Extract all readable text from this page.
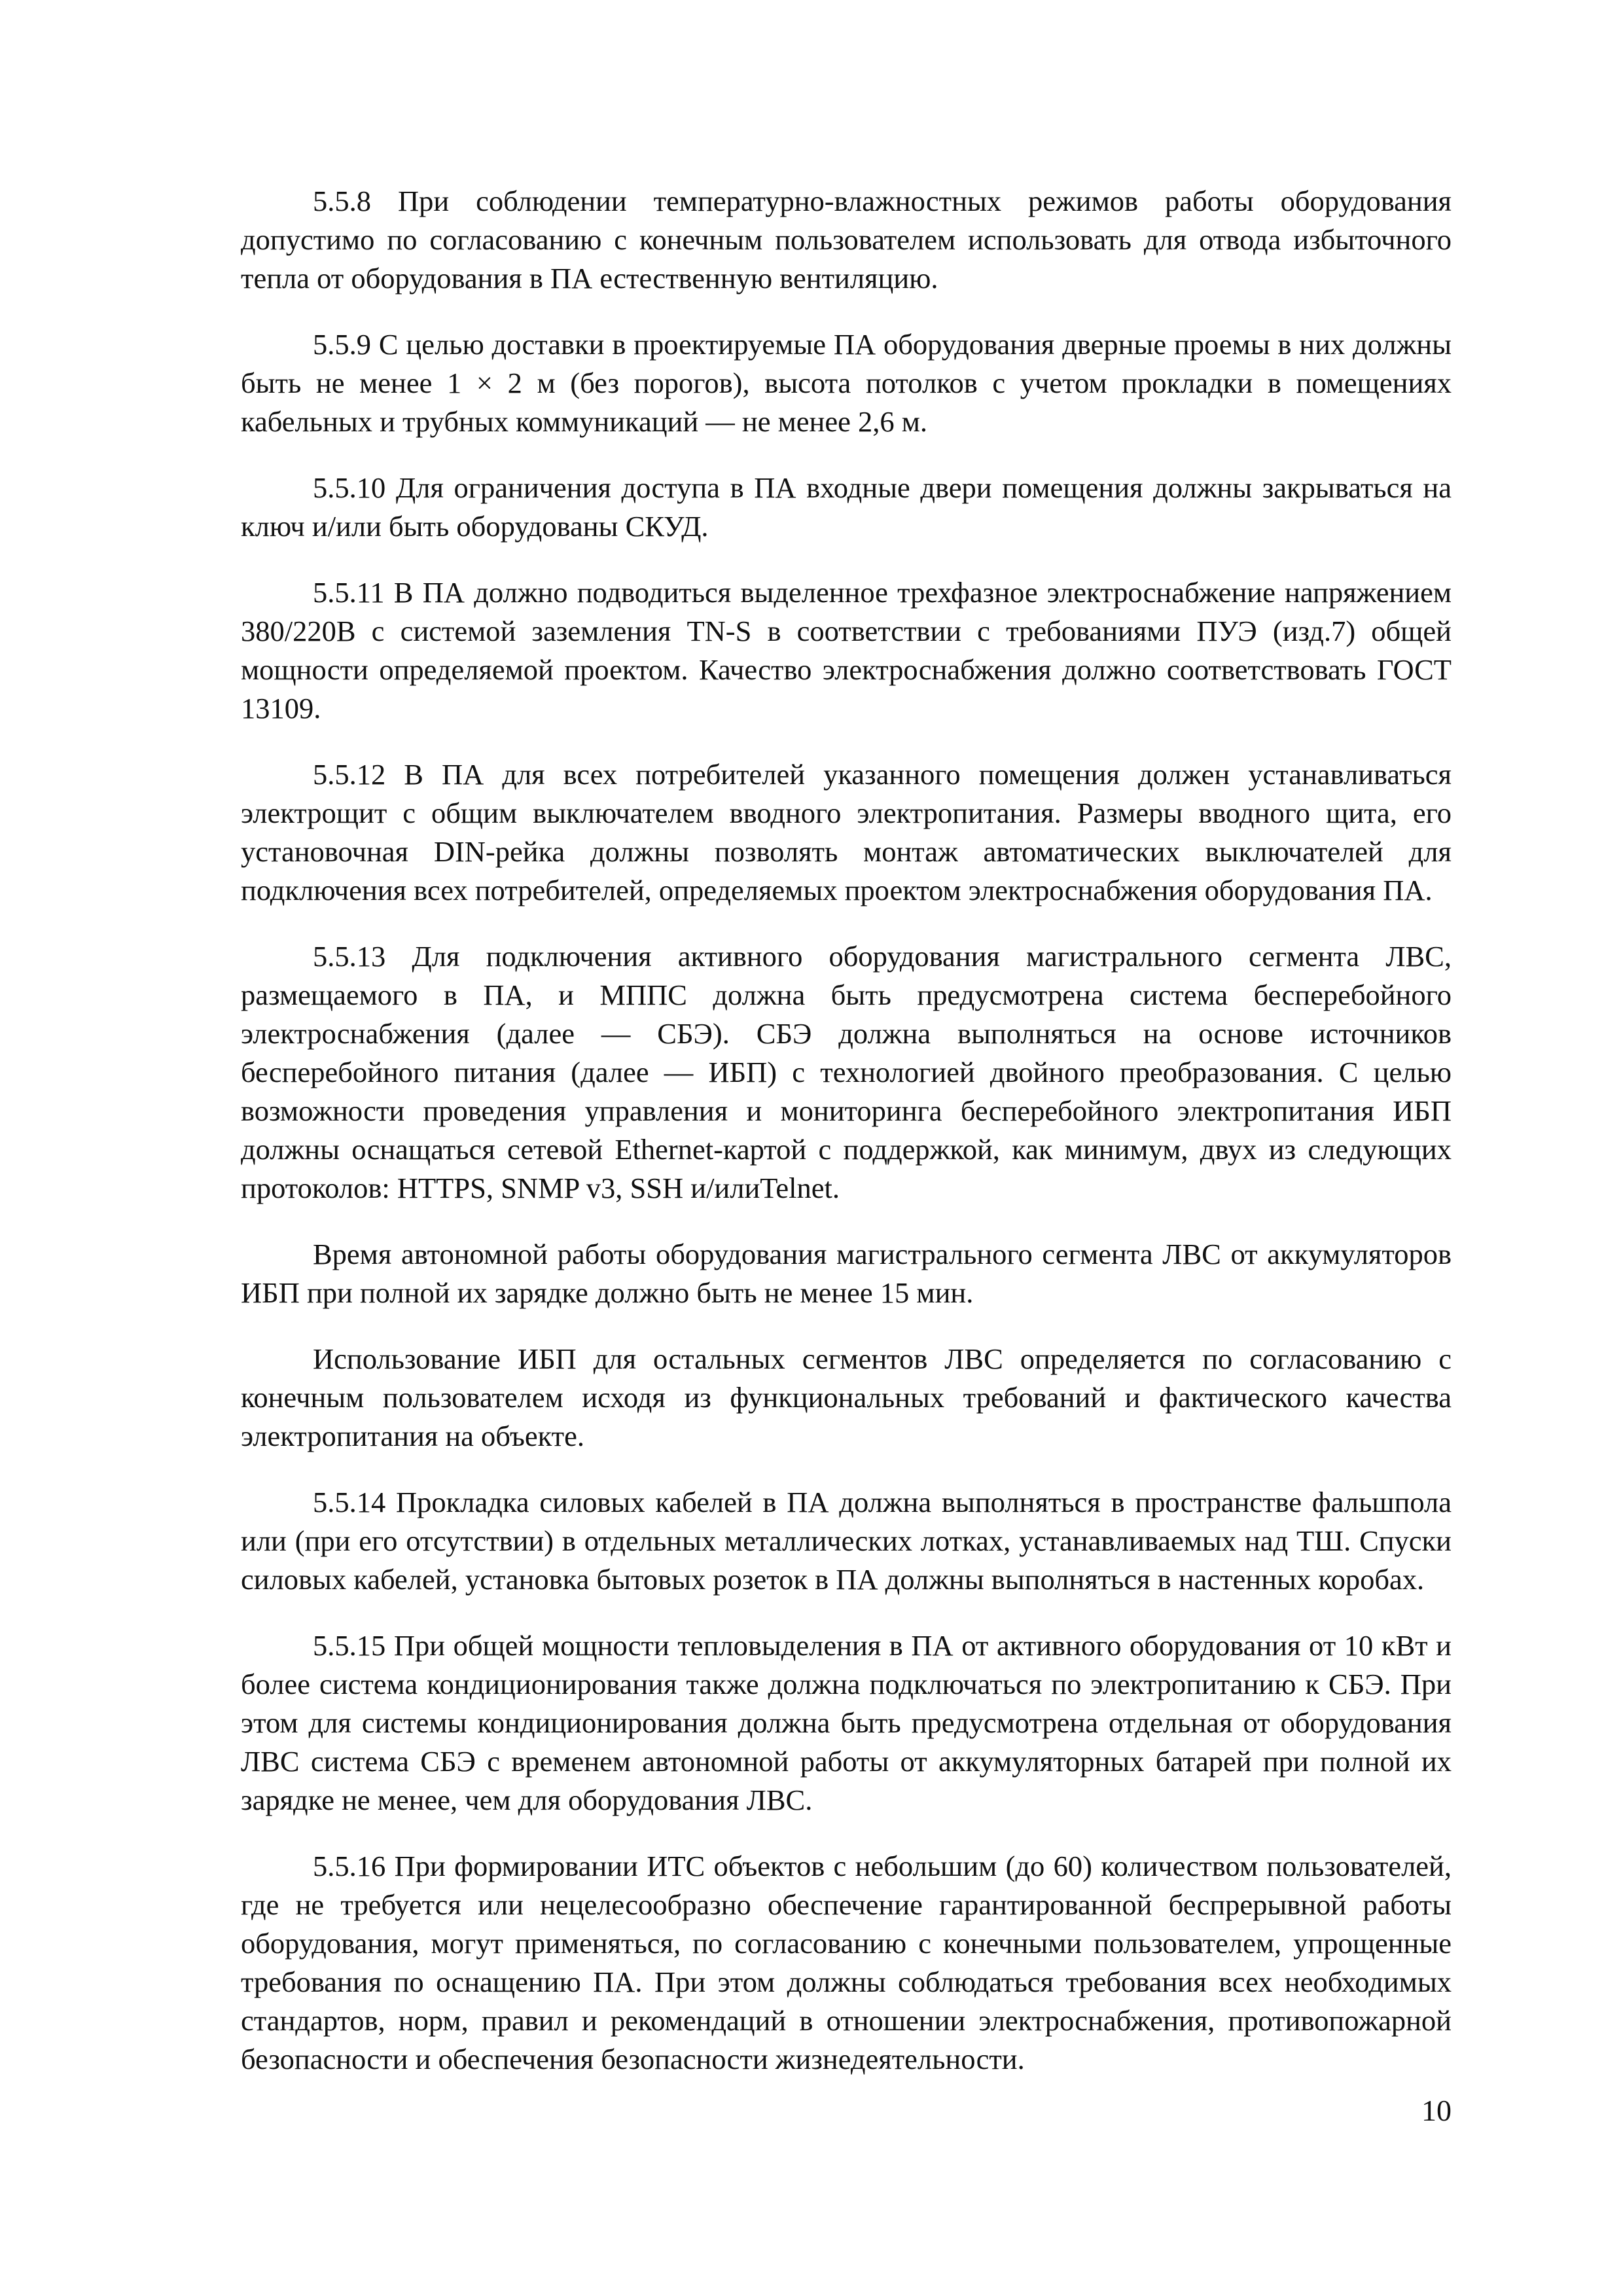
5.5.8 При соблюдении температурно-влажностных режимов работы оборудования допустимо по согласованию с конечным пользователем использовать для отвода избыточного тепла от оборудования в ПА естественную вентиляцию.

5.5.9 С целью доставки в проектируемые ПА оборудования дверные проемы в них должны быть не менее 1 × 2 м (без порогов), высота потолков с учетом прокладки в помещениях кабельных и трубных коммуникаций — не менее 2,6 м.

5.5.10 Для ограничения доступа в ПА входные двери помещения должны закрываться на ключ и/или быть оборудованы СКУД.

5.5.11 В ПА должно подводиться выделенное трехфазное электроснабжение напряжением 380/220В с системой заземления TN-S в соответствии с требованиями ПУЭ (изд.7) общей мощности определяемой проектом. Качество электроснабжения должно соответствовать ГОСТ 13109.

5.5.12 В ПА для всех потребителей указанного помещения должен устанавливаться электрощит с общим выключателем вводного электропитания. Размеры вводного щита, его установочная DIN-рейка должны позволять монтаж автоматических выключателей для подключения всех потребителей, определяемых проектом электроснабжения оборудования ПА.

5.5.13 Для подключения активного оборудования магистрального сегмента ЛВС, размещаемого в ПА, и МППС должна быть предусмотрена система бесперебойного электроснабжения (далее — СБЭ). СБЭ должна выполняться на основе источников бесперебойного питания (далее — ИБП) с технологией двойного преобразования. С целью возможности проведения управления и мониторинга бесперебойного электропитания ИБП должны оснащаться сетевой Ethernet-картой с поддержкой, как минимум, двух из следующих протоколов: HTTPS, SNMP v3, SSH и/илиTelnet.

Время автономной работы оборудования магистрального сегмента ЛВС от аккумуляторов ИБП при полной их зарядке должно быть не менее 15 мин.

Использование ИБП для остальных сегментов ЛВС определяется по согласованию с конечным пользователем исходя из функциональных требований и фактического качества электропитания на объекте.

5.5.14 Прокладка силовых кабелей в ПА должна выполняться в пространстве фальшпола или (при его отсутствии) в отдельных металлических лотках, устанавливаемых над ТШ. Спуски силовых кабелей, установка бытовых розеток в ПА должны выполняться в настенных коробах.

5.5.15 При общей мощности тепловыделения в ПА от активного оборудования от 10 кВт и более система кондиционирования также должна подключаться по электропитанию к СБЭ. При этом для системы кондиционирования должна быть предусмотрена отдельная от оборудования ЛВС система СБЭ с временем автономной работы от аккумуляторных батарей при полной их зарядке не менее, чем для оборудования ЛВС.

5.5.16 При формировании ИТС объектов с небольшим (до 60) количеством пользователей, где не требуется или нецелесообразно обеспечение гарантированной беспрерывной работы оборудования, могут применяться, по согласованию с конечными пользователем, упрощенные требования по оснащению ПА. При этом должны соблюдаться требования всех необходимых стандартов, норм, правил и рекомендаций в отношении электроснабжения, противопожарной безопасности и обеспечения безопасности жизнедеятельности.

10
